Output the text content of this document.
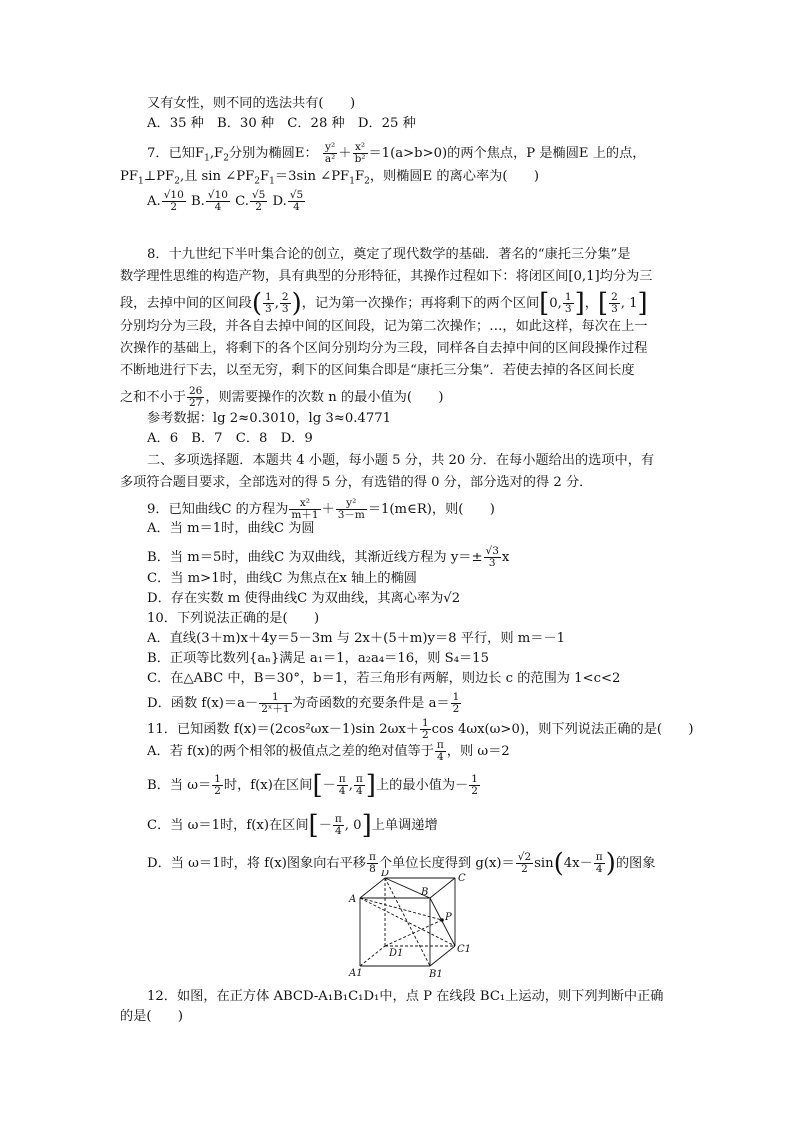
又有女性，则不同的选法共有(　　)
A．35 种　B．30 种　C．28 种　D．25 种
7．已知$F_1,F_2$分别为椭圆E： $\frac{\text{y²}}{\text{a²}} + \frac{\text{x²}}{\text{b²}} =1(a>b>0)$的两个焦点，P 是椭圆E 上的点，
$PF_1\perp PF_2$,且 $\sin \angle PF_2F_1=3\sin$ $\angle PF_1F_2$，则椭圆E 的离心率为(　　)
A. $\frac{√10}{2} B$. $\frac{√10}{4} C$. $\frac{√5}{2} D$. $\frac{√5}{4}$
8．十九世纪下半叶集合论的创立，奠定了现代数学的基础．著名的“康托三分集”是
数学理性思维的构造产物，具有典型的分形特征，其操作过程如下：将闭区间[0,1]均分为三
段，去掉中间的区间段( $\frac{1}{3}$ , $\frac{2}{3}$ )，记为第一次操作；再将剩下的两个区间[0, $\frac{1}{3}$ ]，[ $\frac{2}{3}$ , 1]
分别均分为三段，并各自去掉中间的区间段，记为第二次操作；…，如此这样，每次在上一
次操作的基础上，将剩下的各个区间分别均分为三段，同样各自去掉中间的区间段操作过程
不断地进行下去，以至无穷，剩下的区间集合即是“康托三分集”．若使去掉的各区间长度
之和不小于 $\frac{26}{27}$ ，则需要操作的次数 n 的最小值为(　　)
参考数据：lg 2≈0.3010，lg 3≈0.4771
A．6　B．7　C．8　D．9
二、多项选择题．本题共 4 小题，每小题 5 分，共 20 分．在每小题给出的选项中，有
多项符合题目要求，全部选对的得 5 分，有选错的得 0 分，部分选对的得 2 分．
9．已知曲线C 的方程为 $\frac{\text{x²}}{m+1} + \frac{\text{y²}}{3-m}$ ＝1(m∈R)，则(　　)
A．当 m＝1时，曲线C 为圆
B．当 m＝5时，曲线C 为双曲线，其渐近线方程为 $y=\pm \frac{√3}{3}$ x
C．当 m>1时，曲线C 为焦点在x 轴上的椭圆
D．存在实数 m 使得曲线C 为双曲线，其离心率为√2
10．下列说法正确的是(　　)
A．直线(3＋m)x＋4y＝5－3m 与 2x＋(5＋m)y＝8 平行，则 m＝－1
B．正项等比数列{aₙ}满足 a₁＝1，a₂a₄＝16，则 S₄＝15
C．在△ABC 中，B＝30°，b＝1，若三角形有两解，则边长 c 的范围为 1<c<2
D．函数 $f(x)=a- \frac{1}{\text{2ˣ＋1}}$ 为奇函数的充要条件是 $a= \frac{1}{2}$
11．已知函数 f(x)＝(2cos²ωx－1)sin $2\omega x+ \frac{1}{2}$ cos 4ωx(ω>0)，则下列说法正确的是(　　)
A．若 f(x)的两个相邻的极值点之差的绝对值等于 $\frac{\pi}{4}$ ，则 ω＝2
B．当 $\omega= \frac{1}{2}$ 时，f(x)在区间[－ $\frac{\pi}{4}$ , $\frac{\pi}{4}$ ]上的最小值为－ $\frac{1}{2}$
C．当 ω＝1时，f(x)在区间[－ $\frac{\pi}{4}$ , 0]上单调递增
D．当 ω＝1时，将 f(x)图象向右平移 $\frac{\pi}{8}$ 个单位长度得到 $g(x)= \frac{√2}{2} \sin(4x- \frac{\pi}{4}$ )的图象
D	C
A
B
P
D1	C1
A1	B1
12．如图，在正方体 ABCD-A₁B₁C₁D₁中，点 P 在线段 BC₁上运动，则下列判断中正确
的是(　　)
